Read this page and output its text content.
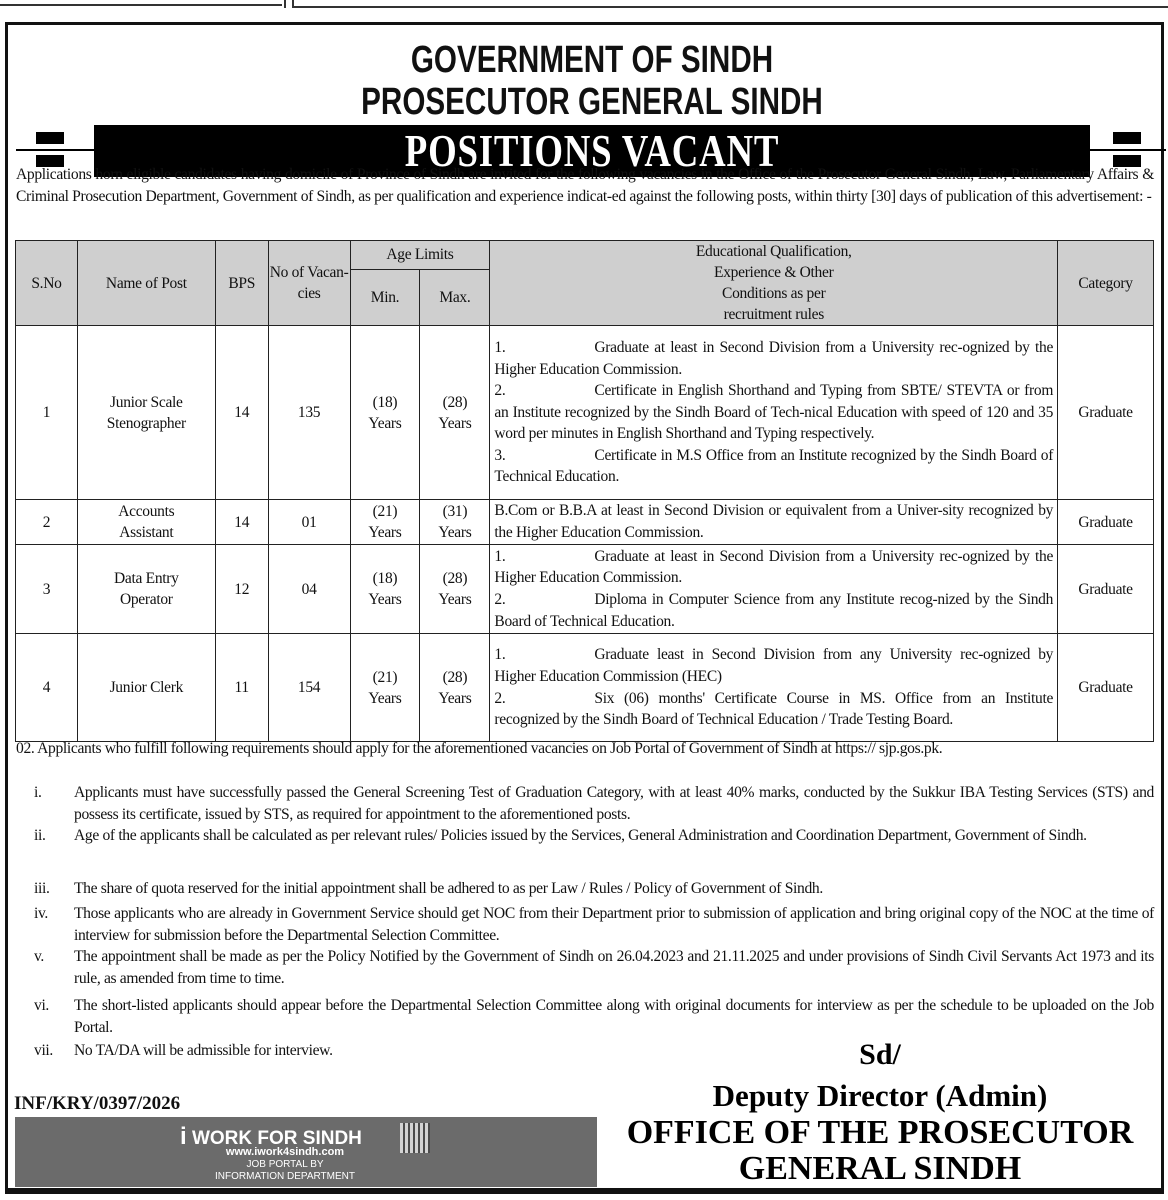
GOVERNMENT OF SINDH
PROSECUTOR GENERAL SINDH
POSITIONS VACANT
Applications horn eligible candidates having domicile of Province of Sindh are invited for the following vacancies in the Office of the Prosecutor General Sindh, Law, Parliamentary Affairs & Criminal Prosecution Department, Government of Sindh, as per qualification and experience indicat-ed against the following posts, within thirty [30] days of publication of this advertisement: -
S.No	Name of Post	BPS	No of Vacan-cies	Age Limits		Educational Qualification, Experience & Other Conditions as per recruitment rules	Category
				Min.	Max.		
1	Junior Scale Stenographer	14	135	(18) Years	(28) Years	1. Graduate at least in Second Division from a University rec-ognized by the Higher Education Commission.
2. Certificate in English Shorthand and Typing from SBTE/ STEVTA or from an Institute recognized by the Sindh Board of Tech-nical Education with speed of 120 and 35 word per minutes in English Shorthand and Typing respectively.
3. Certificate in M.S Office from an Institute recognized by the Sindh Board of Technical Education.	Graduate
2	Accounts Assistant	14	01	(21) Years	(31) Years	B.Com or B.B.A at least in Second Division or equivalent from a Univer-sity recognized by the Higher Education Commission.	Graduate
3	Data Entry Operator	12	04	(18) Years	(28) Years	1. Graduate at least in Second Division from a University rec-ognized by the Higher Education Commission.
2. Diploma in Computer Science from any Institute recog-nized by the Sindh Board of Technical Education.	Graduate
4	Junior Clerk	11	154	(21) Years	(28) Years	1. Graduate least in Second Division from any University rec-ognized by Higher Education Commission (HEC)
2. Six (06) months' Certificate Course in MS. Office from an Institute recognized by the Sindh Board of Technical Education / Trade Testing Board.	Graduate
02. Applicants who fulfill following requirements should apply for the aforementioned vacancies on Job Portal of Government of Sindh at https:// sjp.gos.pk.
i.	Applicants must have successfully passed the General Screening Test of Graduation Category, with at least 40% marks, conducted by the Sukkur IBA Testing Services (STS) and possess its certificate, issued by STS, as required for appointment to the aforementioned posts.
ii.	Age of the applicants shall be calculated as per relevant rules/ Policies issued by the Services, General Administration and Coordination Department, Government of Sindh.
iii.	The share of quota reserved for the initial appointment shall be adhered to as per Law / Rules / Policy of Government of Sindh.
iv.	Those applicants who are already in Government Service should get NOC from their Department prior to submission of application and bring original copy of the NOC at the time of interview for submission before the Departmental Selection Committee.
v.	The appointment shall be made as per the Policy Notified by the Government of Sindh on 26.04.2023 and 21.11.2025 and under provisions of Sindh Civil Servants Act 1973 and its rule, as amended from time to time.
vi.	The short-listed applicants should appear before the Departmental Selection Committee along with original documents for interview as per the schedule to be uploaded on the Job Portal.
vii.	No TA/DA will be admissible for interview.
INF/KRY/0397/2026
i WORK FOR SINDH
www.iwork4sindh.com
JOB PORTAL BY
INFORMATION DEPARTMENT
Sd/
Deputy Director (Admin)
OFFICE OF THE PROSECUTOR
GENERAL SINDH
